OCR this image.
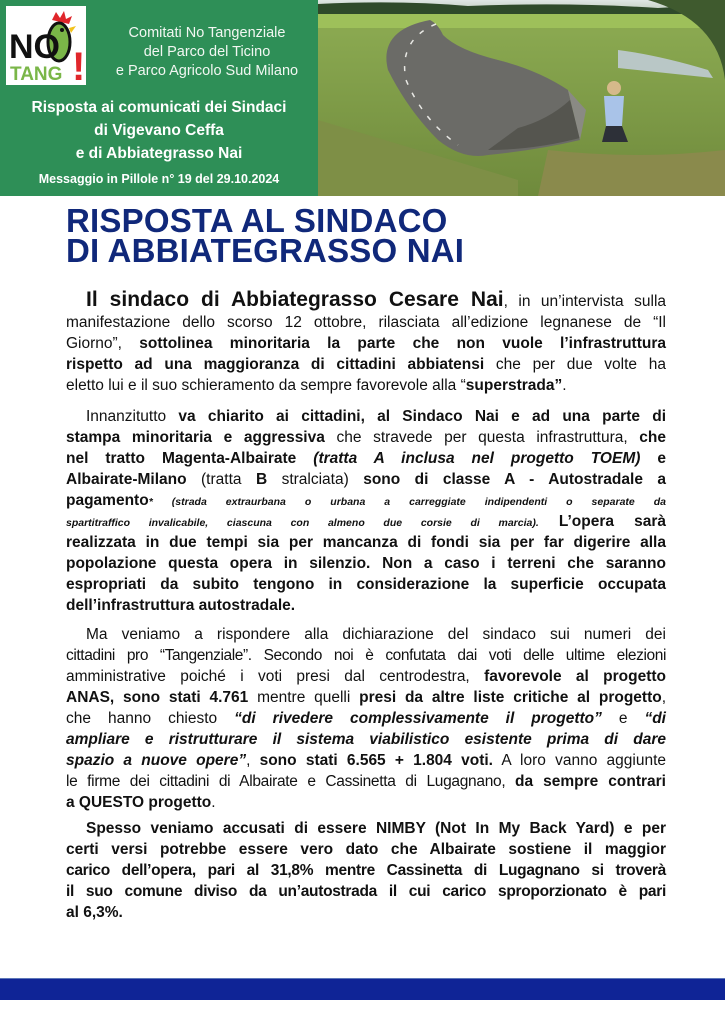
NO
TANG !
Comitati No Tangenziale
del Parco del Ticino
e Parco Agricolo Sud Milano
Risposta ai comunicati dei Sindaci
di Vigevano Ceffa
e di Abbiategrasso Nai
Messaggio in Pillole n° 19 del 29.10.2024
RISPOSTA AL SINDACO
DI ABBIATEGRASSO NAI
Il sindaco di Abbiategrasso Cesare Nai, in un’intervista sulla
manifestazione dello scorso 12 ottobre, rilasciata all’edizione legnanese de “Il
Giorno”, sottolinea minoritaria la parte che non vuole l’infrastruttura
rispetto ad una maggioranza di cittadini abbiatensi che per due volte ha
eletto lui e il suo schieramento da sempre favorevole alla “superstrada”.
Innanzitutto va chiarito ai cittadini, al Sindaco Nai e ad una parte di
stampa minoritaria e aggressiva che stravede per questa infrastruttura, che
nel tratto Magenta-Albairate (tratta A inclusa nel progetto TOEM) e
Albairate-Milano (tratta B stralciata) sono di classe A - Autostradale a
pagamento* (strada extraurbana o urbana a carreggiate indipendenti o separate da
spartitraffico invalicabile, ciascuna con almeno due corsie di marcia). L’opera sarà
realizzata in due tempi sia per mancanza di fondi sia per far digerire alla
popolazione questa opera in silenzio. Non a caso i terreni che saranno
espropriati da subito tengono in considerazione la superficie occupata
dell’infrastruttura autostradale.
Ma veniamo a rispondere alla dichiarazione del sindaco sui numeri dei
cittadini pro “Tangenziale”. Secondo noi è confutata dai voti delle ultime elezioni
amministrative poiché i voti presi dal centrodestra, favorevole al progetto
ANAS, sono stati 4.761 mentre quelli presi da altre liste critiche al progetto,
che hanno chiesto “di rivedere complessivamente il progetto” e “di
ampliare e ristrutturare il sistema viabilistico esistente prima di dare
spazio a nuove opere”, sono stati 6.565 + 1.804 voti. A loro vanno aggiunte
le firme dei cittadini di Albairate e Cassinetta di Lugagnano, da sempre contrari
a QUESTO progetto.
Spesso veniamo accusati di essere NIMBY (Not In My Back Yard) e per
certi versi potrebbe essere vero dato che Albairate sostiene il maggior
carico dell’opera, pari al 31,8% mentre Cassinetta di Lugagnano si troverà
il suo comune diviso da un’autostrada il cui carico sproporzionato è pari
al 6,3%.
